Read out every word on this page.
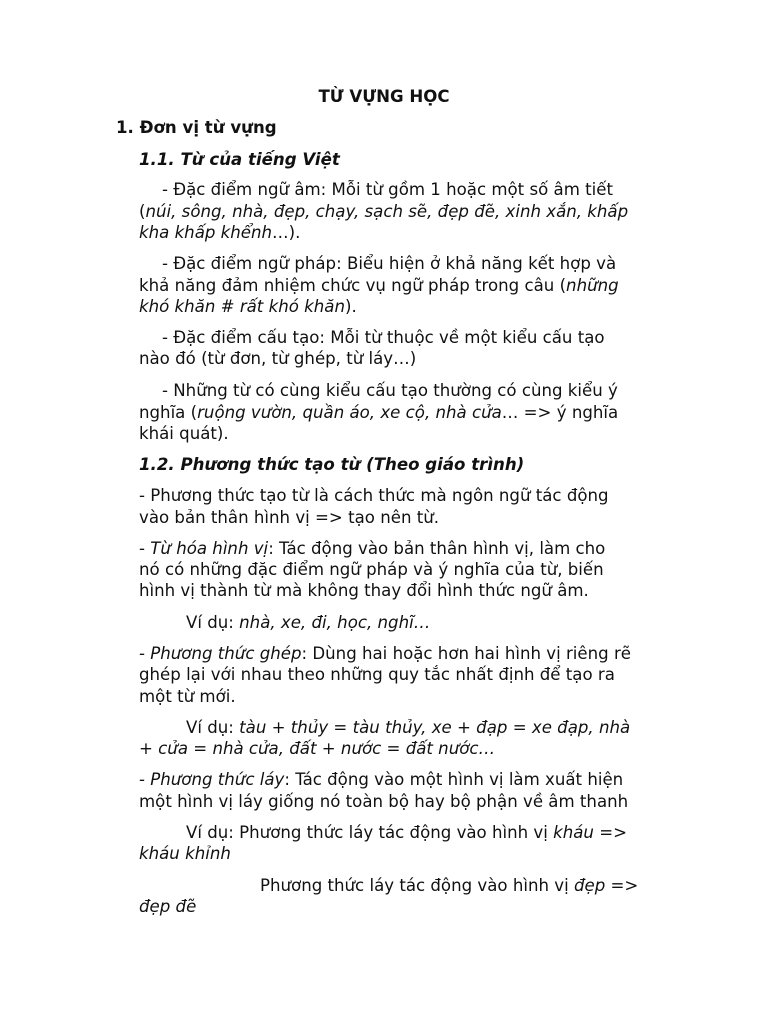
TỪ VỰNG HỌC
1. Đơn vị từ vựng
1.1. Từ của tiếng Việt
- Đặc điểm ngữ âm: Mỗi từ gồm 1 hoặc một số âm tiết
(núi, sông, nhà, đẹp, chạy, sạch sẽ, đẹp đẽ, xinh xắn, khấp
kha khấp khểnh…).
- Đặc điểm ngữ pháp: Biểu hiện ở khả năng kết hợp và
khả năng đảm nhiệm chức vụ ngữ pháp trong câu (những
khó khăn # rất khó khăn).
- Đặc điểm cấu tạo: Mỗi từ thuộc về một kiểu cấu tạo
nào đó (từ đơn, từ ghép, từ láy…)
- Những từ có cùng kiểu cấu tạo thường có cùng kiểu ý
nghĩa (ruộng vườn, quần áo, xe cộ, nhà cửa… => ý nghĩa
khái quát).
1.2. Phương thức tạo từ (Theo giáo trình)
- Phương thức tạo từ là cách thức mà ngôn ngữ tác động
vào bản thân hình vị => tạo nên từ.
- Từ hóa hình vị: Tác động vào bản thân hình vị, làm cho
nó có những đặc điểm ngữ pháp và ý nghĩa của từ, biến
hình vị thành từ mà không thay đổi hình thức ngữ âm.
Ví dụ: nhà, xe, đi, học, nghĩ…
- Phương thức ghép: Dùng hai hoặc hơn hai hình vị riêng rẽ
ghép lại với nhau theo những quy tắc nhất định để tạo ra
một từ mới.
Ví dụ: tàu + thủy = tàu thủy, xe + đạp = xe đạp, nhà
+ cửa = nhà cửa, đất + nước = đất nước…
- Phương thức láy: Tác động vào một hình vị làm xuất hiện
một hình vị láy giống nó toàn bộ hay bộ phận về âm thanh
Ví dụ: Phương thức láy tác động vào hình vị kháu =>
kháu khỉnh
Phương thức láy tác động vào hình vị đẹp =>
đẹp đẽ
